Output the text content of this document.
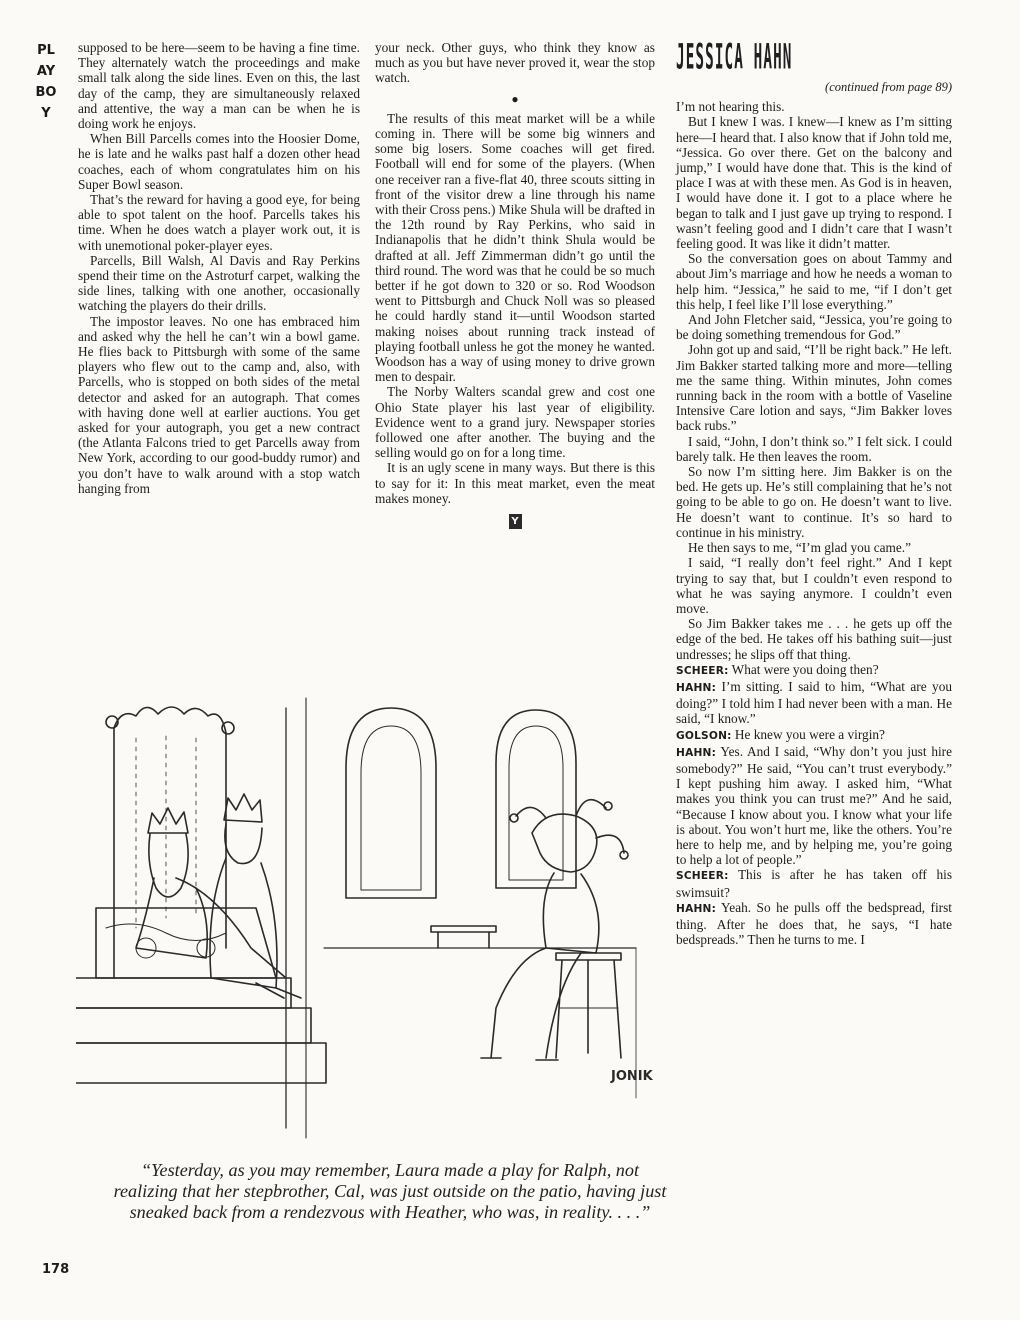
PLAYBOY

supposed to be here—seem to be having a fine time. They alternately watch the proceedings and make small talk along the side lines. Even on this, the last day of the camp, they are simultaneously relaxed and attentive, the way a man can be when he is doing work he enjoys.

When Bill Parcells comes into the Hoosier Dome, he is late and he walks past half a dozen other head coaches, each of whom congratulates him on his Super Bowl season.

That’s the reward for having a good eye, for being able to spot talent on the hoof. Parcells takes his time. When he does watch a player work out, it is with unemotional poker-player eyes.

Parcells, Bill Walsh, Al Davis and Ray Perkins spend their time on the Astroturf carpet, walking the side lines, talking with one another, occasionally watching the players do their drills.

The impostor leaves. No one has embraced him and asked why the hell he can’t win a bowl game. He flies back to Pittsburgh with some of the same players who flew out to the camp and, also, with Parcells, who is stopped on both sides of the metal detector and asked for an autograph. That comes with having done well at earlier auctions. You get asked for your autograph, you get a new contract (the Atlanta Falcons tried to get Parcells away from New York, according to our good-buddy rumor) and you don’t have to walk around with a stop watch hanging from

your neck. Other guys, who think they know as much as you but have never proved it, wear the stop watch.

●

The results of this meat market will be a while coming in. There will be some big winners and some big losers. Some coaches will get fired. Football will end for some of the players. (When one receiver ran a five-flat 40, three scouts sitting in front of the visitor drew a line through his name with their Cross pens.) Mike Shula will be drafted in the 12th round by Ray Perkins, who said in Indianapolis that he didn’t think Shula would be drafted at all. Jeff Zimmerman didn’t go until the third round. The word was that he could be so much better if he got down to 320 or so. Rod Woodson went to Pittsburgh and Chuck Noll was so pleased he could hardly stand it—until Woodson started making noises about running track instead of playing football unless he got the money he wanted. Woodson has a way of using money to drive grown men to despair.

The Norby Walters scandal grew and cost one Ohio State player his last year of eligibility. Evidence went to a grand jury. Newspaper stories followed one after another. The buying and the selling would go on for a long time.

It is an ugly scene in many ways. But there is this to say for it: In this meat market, even the meat makes money.

Y
JESSICA HAHN
(continued from page 89)

I’m not hearing this.

But I knew I was. I knew—I knew as I’m sitting here—I heard that. I also know that if John told me, “Jessica. Go over there. Get on the balcony and jump,” I would have done that. This is the kind of place I was at with these men. As God is in heaven, I would have done it. I got to a place where he began to talk and I just gave up trying to respond. I wasn’t feeling good and I didn’t care that I wasn’t feeling good. It was like it didn’t matter.

So the conversation goes on about Tammy and about Jim’s marriage and how he needs a woman to help him. “Jessica,” he said to me, “if I don’t get this help, I feel like I’ll lose everything.”

And John Fletcher said, “Jessica, you’re going to be doing something tremendous for God.”

John got up and said, “I’ll be right back.” He left. Jim Bakker started talking more and more—telling me the same thing. Within minutes, John comes running back in the room with a bottle of Vaseline Intensive Care lotion and says, “Jim Bakker loves back rubs.”

I said, “John, I don’t think so.” I felt sick. I could barely talk. He then leaves the room.

So now I’m sitting here. Jim Bakker is on the bed. He gets up. He’s still complaining that he’s not going to be able to go on. He doesn’t want to live. He doesn’t want to continue. It’s so hard to continue in his ministry.

He then says to me, “I’m glad you came.”

I said, “I really don’t feel right.” And I kept trying to say that, but I couldn’t even respond to what he was saying anymore. I couldn’t even move.

So Jim Bakker takes me . . . he gets up off the edge of the bed. He takes off his bathing suit—just undresses; he slips off that thing.

SCHEER: What were you doing then?

HAHN: I’m sitting. I said to him, “What are you doing?” I told him I had never been with a man. He said, “I know.”

GOLSON: He knew you were a virgin?

HAHN: Yes. And I said, “Why don’t you just hire somebody?” He said, “You can’t trust everybody.” I kept pushing him away. I asked him, “What makes you think you can trust me?” And he said, “Because I know about you. I know what your life is about. You won’t hurt me, like the others. You’re here to help me, and by helping me, you’re going to help a lot of people.”

SCHEER: This is after he has taken off his swimsuit?

HAHN: Yeah. So he pulls off the bedspread, first thing. After he does that, he says, “I hate bedspreads.” Then he turns to me. I

JONIK
“Yesterday, as you may remember, Laura made a play for Ralph, not realizing that her stepbrother, Cal, was just outside on the patio, having just sneaked back from a rendezvous with Heather, who was, in reality. . . .”
178
